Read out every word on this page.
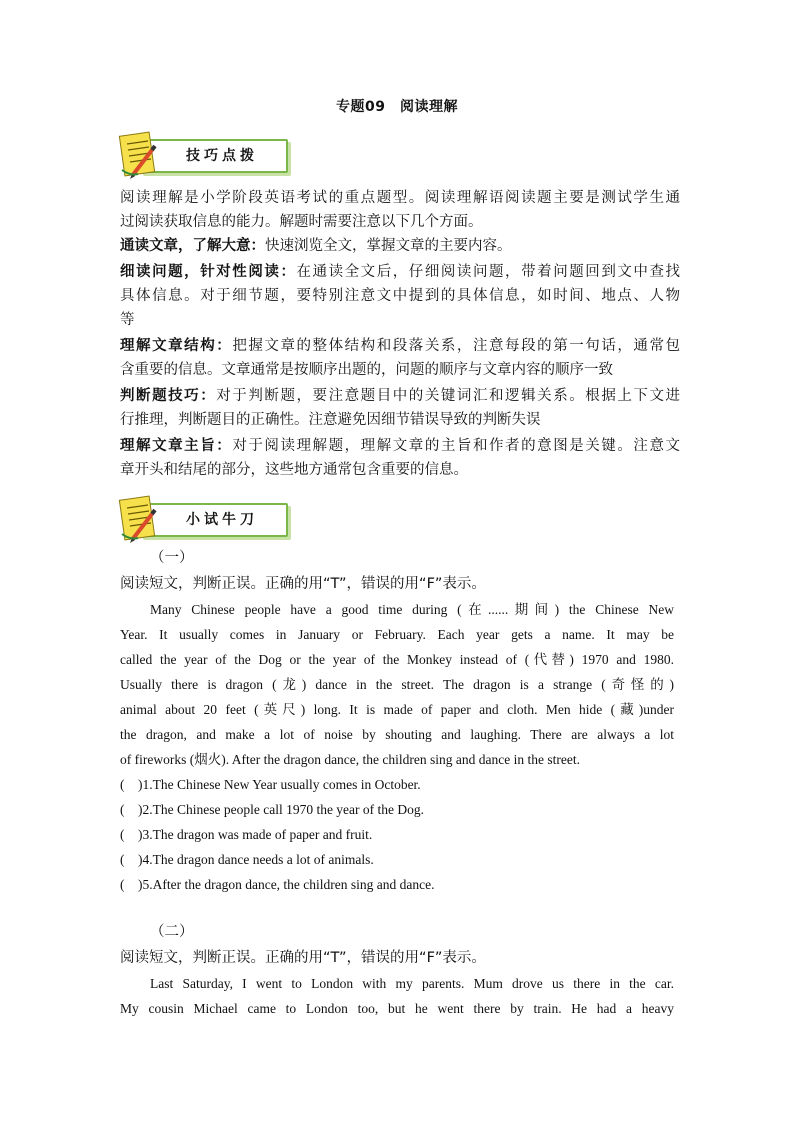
专题09　阅读理解
技巧点拨
阅读理解是小学阶段英语考试的重点题型。阅读理解语阅读题主要是测试学生通
过阅读获取信息的能力。解题时需要注意以下几个方面。
通读文章，了解大意：快速浏览全文，掌握文章的主要内容。
细读问题，针对性阅读：在通读全文后，仔细阅读问题，带着问题回到文中查找
具体信息。对于细节题，要特别注意文中提到的具体信息，如时间、地点、人物
等
理解文章结构：把握文章的整体结构和段落关系，注意每段的第一句话，通常包
含重要的信息。文章通常是按顺序出题的，问题的顺序与文章内容的顺序一致
判断题技巧：对于判断题，要注意题目中的关键词汇和逻辑关系。根据上下文进
行推理，判断题目的正确性。注意避免因细节错误导致的判断失误
理解文章主旨：对于阅读理解题，理解文章的主旨和作者的意图是关键。注意文
章开头和结尾的部分，这些地方通常包含重要的信息。
小试牛刀
（一）
阅读短文，判断正误。正确的用“T”，错误的用“F”表示。
Many Chinese people have a good time during (在......期间) the Chinese New
Year. It usually comes in January or February. Each year gets a name. It may be
called the year of the Dog or the year of the Monkey instead of (代替) 1970 and 1980.
Usually there is dragon (龙) dance in the street. The dragon is a strange (奇怪的)
animal about 20 feet (英尺) long. It is made of paper and cloth. Men hide (藏)under
the dragon, and make a lot of noise by shouting and laughing. There are always a lot
of fireworks (烟火). After the dragon dance, the children sing and dance in the street.
(　)1.The Chinese New Year usually comes in October.
(　)2.The Chinese people call 1970 the year of the Dog.
(　)3.The dragon was made of paper and fruit.
(　)4.The dragon dance needs a lot of animals.
(　)5.After the dragon dance, the children sing and dance.
（二）
阅读短文，判断正误。正确的用“T”，错误的用“F”表示。
Last Saturday, I went to London with my parents. Mum drove us there in the car.
My cousin Michael came to London too, but he went there by train. He had a heavy
